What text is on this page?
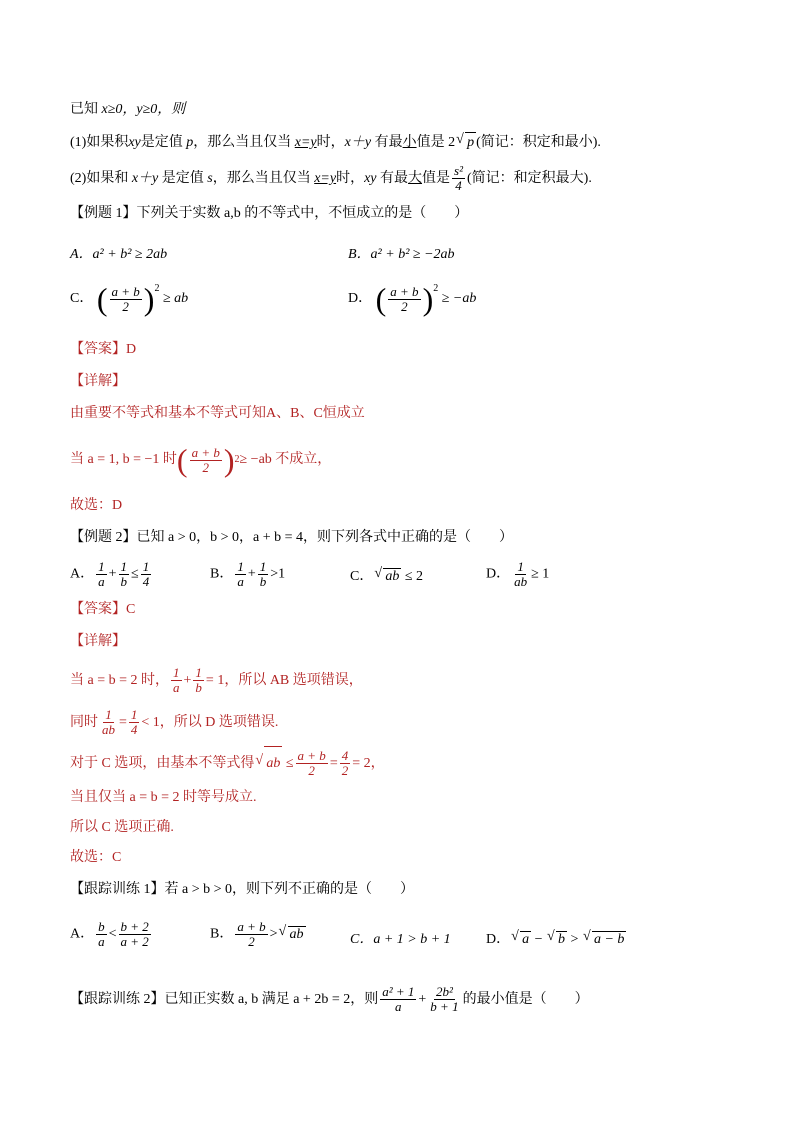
已知 x≥0，y≥0，则
(1)如果积xy是定值 p，那么当且仅当 x=y时，x＋y 有最小值是 2 √ p (简记：积定和最小).
(2)如果和 x＋y 是定值 s，那么当且仅当 x=y时，xy 有最大值是 $\frac{\text{s²}}{4}$ (简记：和定积最大).
【例题 1】下列关于实数 a,b 的不等式中，不恒成立的是（　　）
A．a² + b² ≥ 2ab	B．a² + b² ≥ −2ab
C． ( $\frac{a + b}{2} )^2$
≥ ab	D． ( $\frac{a + b}{2} )^2$
≥ −ab
【答案】D
【详解】
由重要不等式和基本不等式可知A、B、C恒成立
当 a = 1, b = −1 时 ( $\frac{a + b}{2}$ ) 2 ≥ −ab 不成立，
故选：D
【例题 2】已知 a > 0，b > 0，a + b = 4，则下列各式中正确的是（　　）
A． $\frac{1}{a} + \frac{1}{b} \le \frac{1}{4}$	B． $\frac{1}{a} + \frac{1}{b} >1$	C． √ ab ≤ 2	D． $\frac{1}{ab} \ge 1$
【答案】C
【详解】
当 a = b = 2 时， $\frac{1}{a} + \frac{1}{b} = 1$，所以 AB 选项错误，
同时 $\frac{1}{ab} = \frac{1}{4} < 1$，所以 D 选项错误.
对于 C 选项，由基本不等式得 √ ab ≤ $\frac{a + b}{2} = \frac{4}{2} = 2$，
当且仅当 a = b = 2 时等号成立.
所以 C 选项正确.
故选：C
【跟踪训练 1】若 a > b > 0，则下列不正确的是（　　）
A． $\frac{b}{a} < \frac{b + 2}{a + 2}$	B． $\frac{a + b}{2}$ > √ ab	C．a + 1 > b + 1	D． √ a − √ b > √ a − b
【跟踪训练 2】已知正实数 a, b 满足 a + 2b = 2，则 $\frac{\text{a² + 1}}{a} + \frac{\text{2b²}}{b + 1}$ 的最小值是（　　）
